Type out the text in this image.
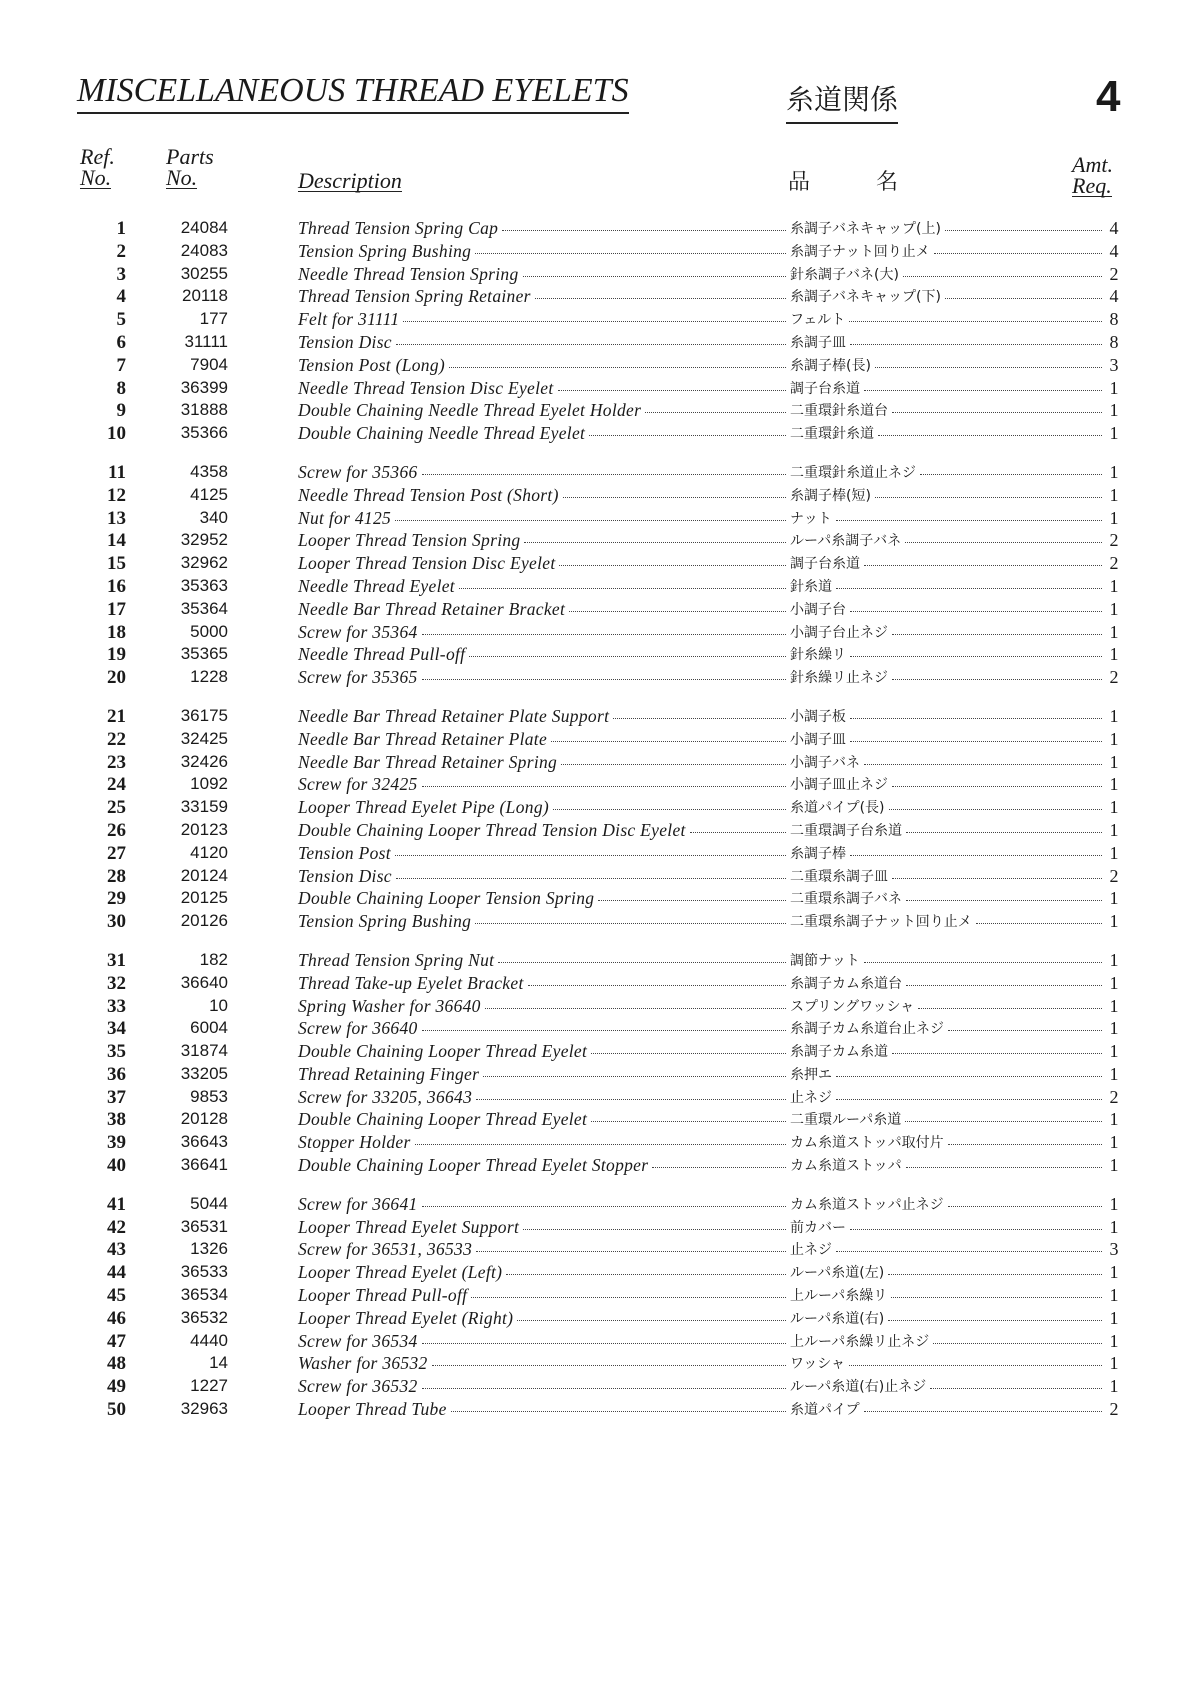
MISCELLANEOUS THREAD EYELETS	糸道関係	4
Ref.
No.
Parts
No.	Description	品　　　名
Amt.
Req.
1	24084	Thread Tension Spring Cap	糸調子バネキャップ(上)	4
2	24083	Tension Spring Bushing	糸調子ナット回り止メ	4
3	30255	Needle Thread Tension Spring	針糸調子バネ(大)	2
4	20118	Thread Tension Spring Retainer	糸調子バネキャップ(下)	4
5	177	Felt for 31111	フェルト	8
6	31111	Tension Disc	糸調子皿	8
7	7904	Tension Post (Long)	糸調子棒(長)	3
8	36399	Needle Thread Tension Disc Eyelet	調子台糸道	1
9	31888	Double Chaining Needle Thread Eyelet Holder	二重環針糸道台	1
10	35366	Double Chaining Needle Thread Eyelet	二重環針糸道	1
11	4358	Screw for 35366	二重環針糸道止ネジ	1
12	4125	Needle Thread Tension Post (Short)	糸調子棒(短)	1
13	340	Nut for 4125	ナット	1
14	32952	Looper Thread Tension Spring	ルーパ糸調子バネ	2
15	32962	Looper Thread Tension Disc Eyelet	調子台糸道	2
16	35363	Needle Thread Eyelet	針糸道	1
17	35364	Needle Bar Thread Retainer Bracket	小調子台	1
18	5000	Screw for 35364	小調子台止ネジ	1
19	35365	Needle Thread Pull-off	針糸繰リ	1
20	1228	Screw for 35365	針糸繰リ止ネジ	2
21	36175	Needle Bar Thread Retainer Plate Support	小調子板	1
22	32425	Needle Bar Thread Retainer Plate	小調子皿	1
23	32426	Needle Bar Thread Retainer Spring	小調子バネ	1
24	1092	Screw for 32425	小調子皿止ネジ	1
25	33159	Looper Thread Eyelet Pipe (Long)	糸道パイプ(長)	1
26	20123	Double Chaining Looper Thread Tension Disc Eyelet	二重環調子台糸道	1
27	4120	Tension Post	糸調子棒	1
28	20124	Tension Disc	二重環糸調子皿	2
29	20125	Double Chaining Looper Tension Spring	二重環糸調子バネ	1
30	20126	Tension Spring Bushing	二重環糸調子ナット回り止メ	1
31	182	Thread Tension Spring Nut	調節ナット	1
32	36640	Thread Take-up Eyelet Bracket	糸調子カム糸道台	1
33	10	Spring Washer for 36640	スプリングワッシャ	1
34	6004	Screw for 36640	糸調子カム糸道台止ネジ	1
35	31874	Double Chaining Looper Thread Eyelet	糸調子カム糸道	1
36	33205	Thread Retaining Finger	糸押エ	1
37	9853	Screw for 33205, 36643	止ネジ	2
38	20128	Double Chaining Looper Thread Eyelet	二重環ルーパ糸道	1
39	36643	Stopper Holder	カム糸道ストッパ取付片	1
40	36641	Double Chaining Looper Thread Eyelet Stopper	カム糸道ストッパ	1
41	5044	Screw for 36641	カム糸道ストッパ止ネジ	1
42	36531	Looper Thread Eyelet Support	前カバー	1
43	1326	Screw for 36531, 36533	止ネジ	3
44	36533	Looper Thread Eyelet (Left)	ルーパ糸道(左)	1
45	36534	Looper Thread Pull-off	上ルーパ糸繰リ	1
46	36532	Looper Thread Eyelet (Right)	ルーパ糸道(右)	1
47	4440	Screw for 36534	上ルーパ糸繰リ止ネジ	1
48	14	Washer for 36532	ワッシャ	1
49	1227	Screw for 36532	ルーパ糸道(右)止ネジ	1
50	32963	Looper Thread Tube	糸道パイプ	2
